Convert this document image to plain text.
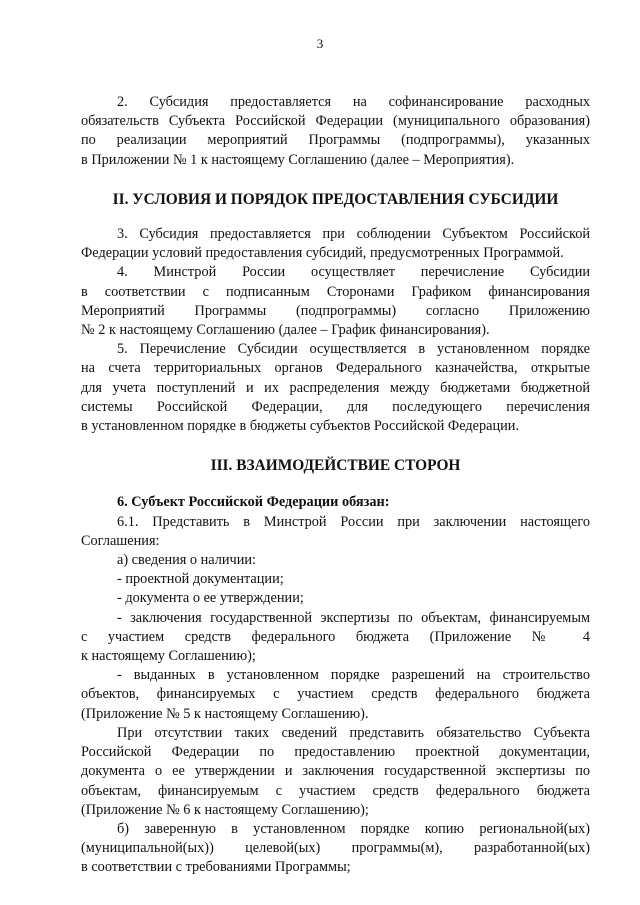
3

2. Субсидия предоставляется на софинансирование расходных
обязательств Субъекта Российской Федерации (муниципального образования)
по реализации мероприятий Программы (подпрограммы), указанных
в Приложении № 1 к настоящему Соглашению (далее – Мероприятия).

II. УСЛОВИЯ И ПОРЯДОК ПРЕДОСТАВЛЕНИЯ СУБСИДИИ

3. Субсидия предоставляется при соблюдении Субъектом Российской
Федерации условий предоставления субсидий, предусмотренных Программой.

4. Минстрой России осуществляет перечисление Субсидии
в соответствии с подписанным Сторонами Графиком финансирования
Мероприятий Программы (подпрограммы) согласно Приложению
№ 2 к настоящему Соглашению (далее – График финансирования).

5. Перечисление Субсидии осуществляется в установленном порядке
на счета территориальных органов Федерального казначейства, открытые
для учета поступлений и их распределения между бюджетами бюджетной
системы Российской Федерации, для последующего перечисления
в установленном порядке в бюджеты субъектов Российской Федерации.

III. ВЗАИМОДЕЙСТВИЕ СТОРОН

6. Субъект Российской Федерации обязан:

6.1. Представить в Минстрой России при заключении настоящего
Соглашения:

а) сведения о наличии:

- проектной документации;

- документа о ее утверждении;

- заключения государственной экспертизы по объектам, финансируемым
с участием средств федерального бюджета (Приложение № 4
к настоящему Соглашению);

- выданных в установленном порядке разрешений на строительство
объектов, финансируемых с участием средств федерального бюджета
(Приложение № 5 к настоящему Соглашению).

При отсутствии таких сведений представить обязательство Субъекта
Российской Федерации по предоставлению проектной документации,
документа о ее утверждении и заключения государственной экспертизы по
объектам, финансируемым с участием средств федерального бюджета
(Приложение № 6 к настоящему Соглашению);

б) заверенную в установленном порядке копию региональной(ых)
(муниципальной(ых)) целевой(ых) программы(м), разработанной(ых)
в соответствии с требованиями Программы;
